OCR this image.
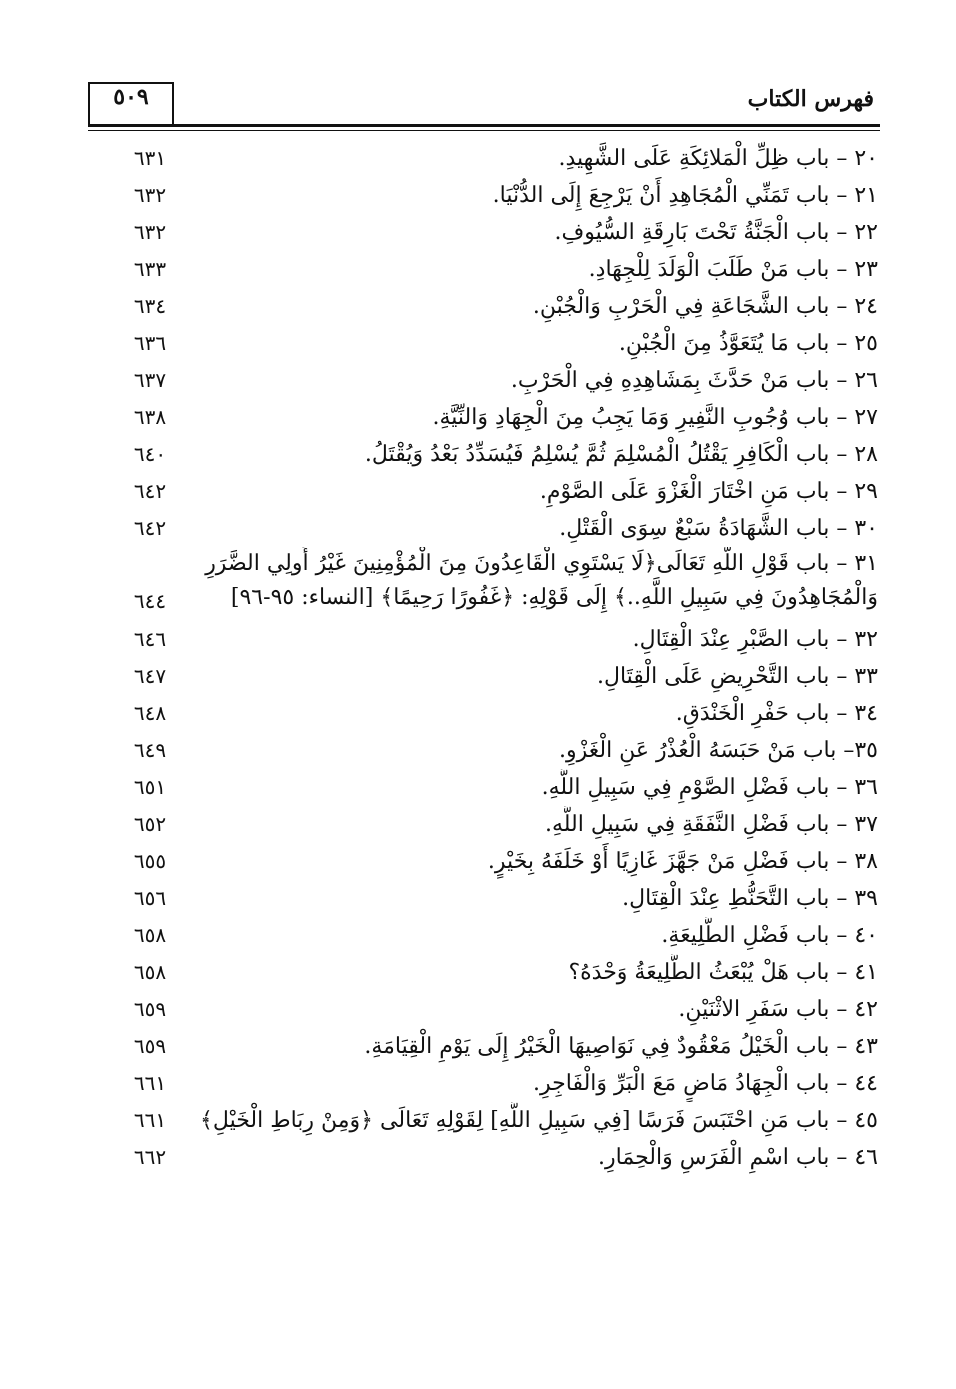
٥٠٩	فهرس الكتاب
٢٠ – باب ظِلِّ الْمَلائِكَةِ عَلَى الشَّهِيدِ.
٦٣١
٢١ – باب تَمَنِّي الْمُجَاهِدِ أَنْ يَرْجِعَ إِلَى الدُّنْيَا.
٦٣٢
٢٢ – باب الْجَنَّةُ تَحْتَ بَارِقَةِ السُّيُوفِ.
٦٣٢
٢٣ – باب مَنْ طَلَبَ الْوَلَدَ لِلْجِهَادِ.
٦٣٣
٢٤ – باب الشَّجَاعَةِ فِي الْحَرْبِ وَالْجُبْنِ.
٦٣٤
٢٥ – باب مَا يُتَعَوَّذُ مِنَ الْجُبْنِ.
٦٣٦
٢٦ – باب مَنْ حَدَّثَ بِمَشَاهِدِهِ فِي الْحَرْبِ.
٦٣٧
٢٧ – باب وُجُوبِ النَّفِيرِ وَمَا يَجِبُ مِنَ الْجِهَادِ وَالنِّيَّةِ.
٦٣٨
٢٨ – باب الْكَافِرِ يَقْتُلُ الْمُسْلِمَ ثُمَّ يُسْلِمُ فَيُسَدِّدُ بَعْدُ وَيُقْتَلُ.
٦٤٠
٢٩ – باب مَنِ اخْتَارَ الْغَزْوَ عَلَى الصَّوْمِ.
٦٤٢
٣٠ – باب الشَّهَادَةُ سَبْعٌ سِوَى الْقَتْلِ.
٦٤٢
٣١ – باب قَوْلِ اللَّهِ تَعَالَى﴿لَا يَسْتَوِي الْقَاعِدُونَ مِنَ الْمُؤْمِنِينَ غَيْرُ أُولِي الضَّرَرِ وَالْمُجَاهِدُونَ فِي سَبِيلِ اللَّهِ..﴾ إِلَى قَوْلِهِ: ﴿غَفُورًا رَحِيمًا﴾ [النساء: ٩٥-٩٦]
٦٤٤
٣٢ – باب الصَّبْرِ عِنْدَ الْقِتَالِ.
٦٤٦
٣٣ – باب التَّحْرِيضِ عَلَى الْقِتَالِ.
٦٤٧
٣٤ – باب حَفْرِ الْخَنْدَقِ.
٦٤٨
٣٥– باب مَنْ حَبَسَهُ الْعُذْرُ عَنِ الْغَزْوِ.
٦٤٩
٣٦ – باب فَضْلِ الصَّوْمِ فِي سَبِيلِ اللَّهِ.
٦٥١
٣٧ – باب فَضْلِ النَّفَقَةِ فِي سَبِيلِ اللَّهِ.
٦٥٢
٣٨ – باب فَضْلِ مَنْ جَهَّزَ غَازِيًا أَوْ خَلَفَهُ بِخَيْرٍ.
٦٥٥
٣٩ – باب التَّحَنُّطِ عِنْدَ الْقِتَالِ.
٦٥٦
٤٠ – باب فَضْلِ الطَّلِيعَةِ.
٦٥٨
٤١ – باب هَلْ يُبْعَثُ الطَّلِيعَةُ وَحْدَهُ؟
٦٥٨
٤٢ – باب سَفَرِ الاثْنَيْنِ.
٦٥٩
٤٣ – باب الْخَيْلُ مَعْقُودٌ فِي نَوَاصِيهَا الْخَيْرُ إِلَى يَوْمِ الْقِيَامَةِ.
٦٥٩
٤٤ – باب الْجِهَادُ مَاضٍ مَعَ الْبَرِّ وَالْفَاجِرِ.
٦٦١
٤٥ – باب مَنِ احْتَبَسَ فَرَسًا [فِي سَبِيلِ اللَّهِ] لِقَوْلِهِ تَعَالَى ﴿وَمِنْ رِبَاطِ الْخَيْلِ﴾
٦٦١
٤٦ – باب اسْمِ الْفَرَسِ وَالْحِمَارِ.
٦٦٢
